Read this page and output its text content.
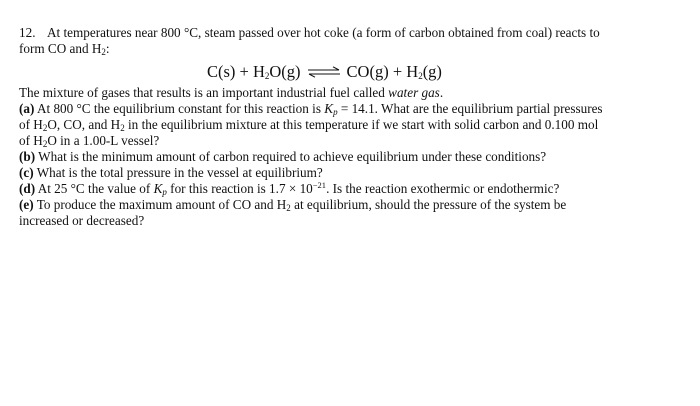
12. At temperatures near 800 °C, steam passed over hot coke (a form of carbon obtained from coal) reacts to
form CO and $H_2$:
$C(s) + H_2O(g)$ ⇌ $CO(g) + H_2(g)$
The mixture of gases that results is an important industrial fuel called water gas.
(a) At 800 °C the equilibrium constant for this reaction is $K_p = 14.1$. What are the equilibrium partial pressures
of $H_2O$, CO, and $H_2$ in the equilibrium mixture at this temperature if we start with solid carbon and 0.100 mol
of $H_2O$ in a 1.00-L vessel?
(b) What is the minimum amount of carbon required to achieve equilibrium under these conditions?
(c) What is the total pressure in the vessel at equilibrium?
(d) At 25 °C the value of $K_p$ for this reaction is $1.7 \times 10^{-21}$. Is the reaction exothermic or endothermic?
(e) To produce the maximum amount of CO and $H_2$ at equilibrium, should the pressure of the system be
increased or decreased?
